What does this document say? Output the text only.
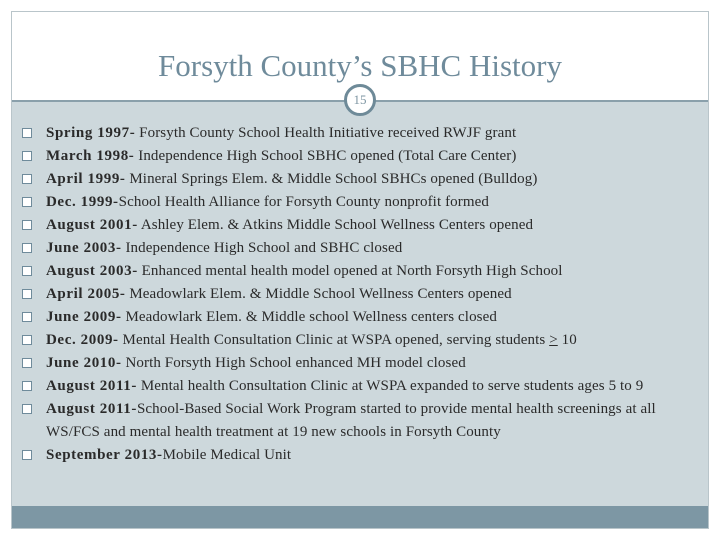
Forsyth County’s SBHC History
15
Spring 1997- Forsyth County School Health Initiative received RWJF grant
March 1998- Independence High School SBHC opened (Total Care Center)
April 1999- Mineral Springs Elem. & Middle School SBHCs opened (Bulldog)
Dec. 1999-School Health Alliance for Forsyth County nonprofit formed
August 2001- Ashley Elem. & Atkins Middle School Wellness Centers opened
June 2003- Independence High School and SBHC closed
August 2003- Enhanced mental health model opened at North Forsyth High School
April 2005- Meadowlark Elem. & Middle School Wellness Centers opened
June 2009- Meadowlark Elem. & Middle school Wellness centers closed
Dec. 2009- Mental Health Consultation Clinic at WSPA opened, serving students ≥ 10
June 2010- North Forsyth High School enhanced MH model closed
August 2011- Mental health Consultation Clinic at WSPA expanded to serve students ages 5 to 9
August 2011-School-Based Social Work Program started to provide mental health screenings at all WS/FCS and mental health treatment at 19 new schools in Forsyth County
September 2013-Mobile Medical Unit
